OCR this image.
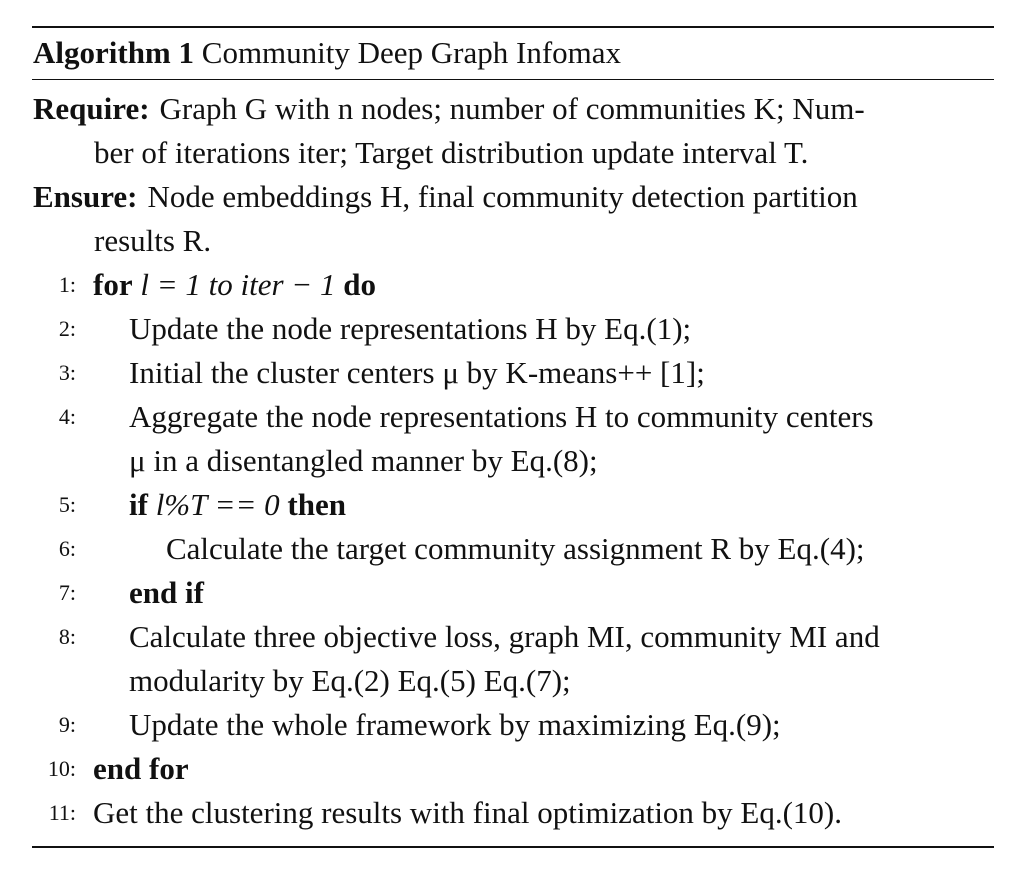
Algorithm 1 Community Deep Graph Infomax
Require: Graph G with n nodes; number of communities K; Num-
ber of iterations iter; Target distribution update interval T.
Ensure: Node embeddings H, final community detection partition
results R.
1: for l = 1 to iter − 1 do
2: Update the node representations H by Eq.(1);
3: Initial the cluster centers μ by K-means++ [1];
4: Aggregate the node representations H to community centers
μ in a disentangled manner by Eq.(8);
5: if l%T == 0 then
6:	Calculate the target community assignment R by Eq.(4);
7: end if
8: Calculate three objective loss, graph MI, community MI and
modularity by Eq.(2) Eq.(5) Eq.(7);
9: Update the whole framework by maximizing Eq.(9);
10: end for
11: Get the clustering results with final optimization by Eq.(10).
